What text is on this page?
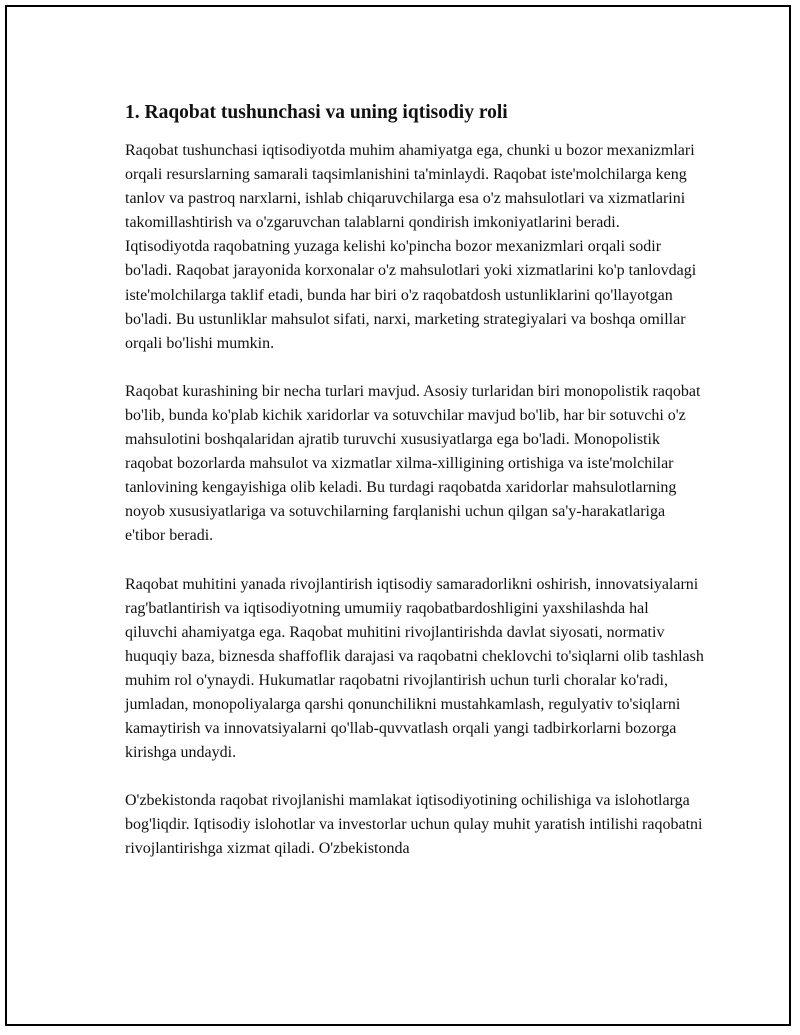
1. Raqobat tushunchasi va uning iqtisodiy roli

Raqobat tushunchasi iqtisodiyotda muhim ahamiyatga ega, chunki u bozor mexanizmlari orqali resurslarning samarali taqsimlanishini ta'minlaydi. Raqobat iste'molchilarga keng tanlov va pastroq narxlarni, ishlab chiqaruvchilarga esa o'z mahsulotlari va xizmatlarini takomillashtirish va o'zgaruvchan talablarni qondirish imkoniyatlarini beradi. Iqtisodiyotda raqobatning yuzaga kelishi ko'pincha bozor mexanizmlari orqali sodir bo'ladi. Raqobat jarayonida korxonalar o'z mahsulotlari yoki xizmatlarini ko'p tanlovdagi iste'molchilarga taklif etadi, bunda har biri o'z raqobatdosh ustunliklarini qo'llayotgan bo'ladi. Bu ustunliklar mahsulot sifati, narxi, marketing strategiyalari va boshqa omillar orqali bo'lishi mumkin.

Raqobat kurashining bir necha turlari mavjud. Asosiy turlaridan biri monopolistik raqobat bo'lib, bunda ko'plab kichik xaridorlar va sotuvchilar mavjud bo'lib, har bir sotuvchi o'z mahsulotini boshqalaridan ajratib turuvchi xususiyatlarga ega bo'ladi. Monopolistik raqobat bozorlarda mahsulot va xizmatlar xilma-xilligining ortishiga va iste'molchilar tanlovining kengayishiga olib keladi. Bu turdagi raqobatda xaridorlar mahsulotlarning noyob xususiyatlariga va sotuvchilarning farqlanishi uchun qilgan sa'y-harakatlariga e'tibor beradi.

Raqobat muhitini yanada rivojlantirish iqtisodiy samaradorlikni oshirish, innovatsiyalarni rag'batlantirish va iqtisodiyotning umumiiy raqobatbardoshligini yaxshilashda hal qiluvchi ahamiyatga ega. Raqobat muhitini rivojlantirishda davlat siyosati, normativ huquqiy baza, biznesda shaffoflik darajasi va raqobatni cheklovchi to'siqlarni olib tashlash muhim rol o'ynaydi. Hukumatlar raqobatni rivojlantirish uchun turli choralar ko'radi, jumladan, monopoliyalarga qarshi qonunchilikni mustahkamlash, regulyativ to'siqlarni kamaytirish va innovatsiyalarni qo'llab-quvvatlash orqali yangi tadbirkorlarni bozorga kirishga undaydi.

O'zbekistonda raqobat rivojlanishi mamlakat iqtisodiyotining ochilishiga va islohotlarga bog'liqdir. Iqtisodiy islohotlar va investorlar uchun qulay muhit yaratish intilishi raqobatni rivojlantirishga xizmat qiladi. O'zbekistonda
